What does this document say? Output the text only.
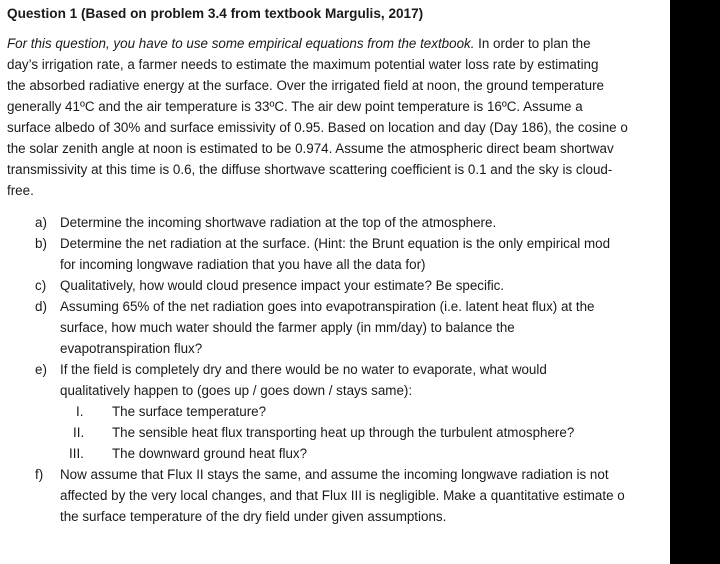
Question 1 (Based on problem 3.4 from textbook Margulis, 2017)
For this question, you have to use some empirical equations from the textbook. In order to plan the
day’s irrigation rate, a farmer needs to estimate the maximum potential water loss rate by estimating
the absorbed radiative energy at the surface. Over the irrigated field at noon, the ground temperature
generally 41ºC and the air temperature is 33ºC. The air dew point temperature is 16ºC. Assume a
surface albedo of 30% and surface emissivity of 0.95. Based on location and day (Day 186), the cosine o
the solar zenith angle at noon is estimated to be 0.974. Assume the atmospheric direct beam shortwav
transmissivity at this time is 0.6, the diffuse shortwave scattering coefficient is 0.1 and the sky is cloud-
free.
a) Determine the incoming shortwave radiation at the top of the atmosphere.
b) Determine the net radiation at the surface. (Hint: the Brunt equation is the only empirical mod
for incoming longwave radiation that you have all the data for)
c) Qualitatively, how would cloud presence impact your estimate? Be specific.
d) Assuming 65% of the net radiation goes into evapotranspiration (i.e. latent heat flux) at the
surface, how much water should the farmer apply (in mm/day) to balance the
evapotranspiration flux?
e) If the field is completely dry and there would be no water to evaporate, what would
qualitatively happen to (goes up / goes down / stays same):
I. The surface temperature?
II. The sensible heat flux transporting heat up through the turbulent atmosphere?
III. The downward ground heat flux?
f) Now assume that Flux II stays the same, and assume the incoming longwave radiation is not
affected by the very local changes, and that Flux III is negligible. Make a quantitative estimate o
the surface temperature of the dry field under given assumptions.
